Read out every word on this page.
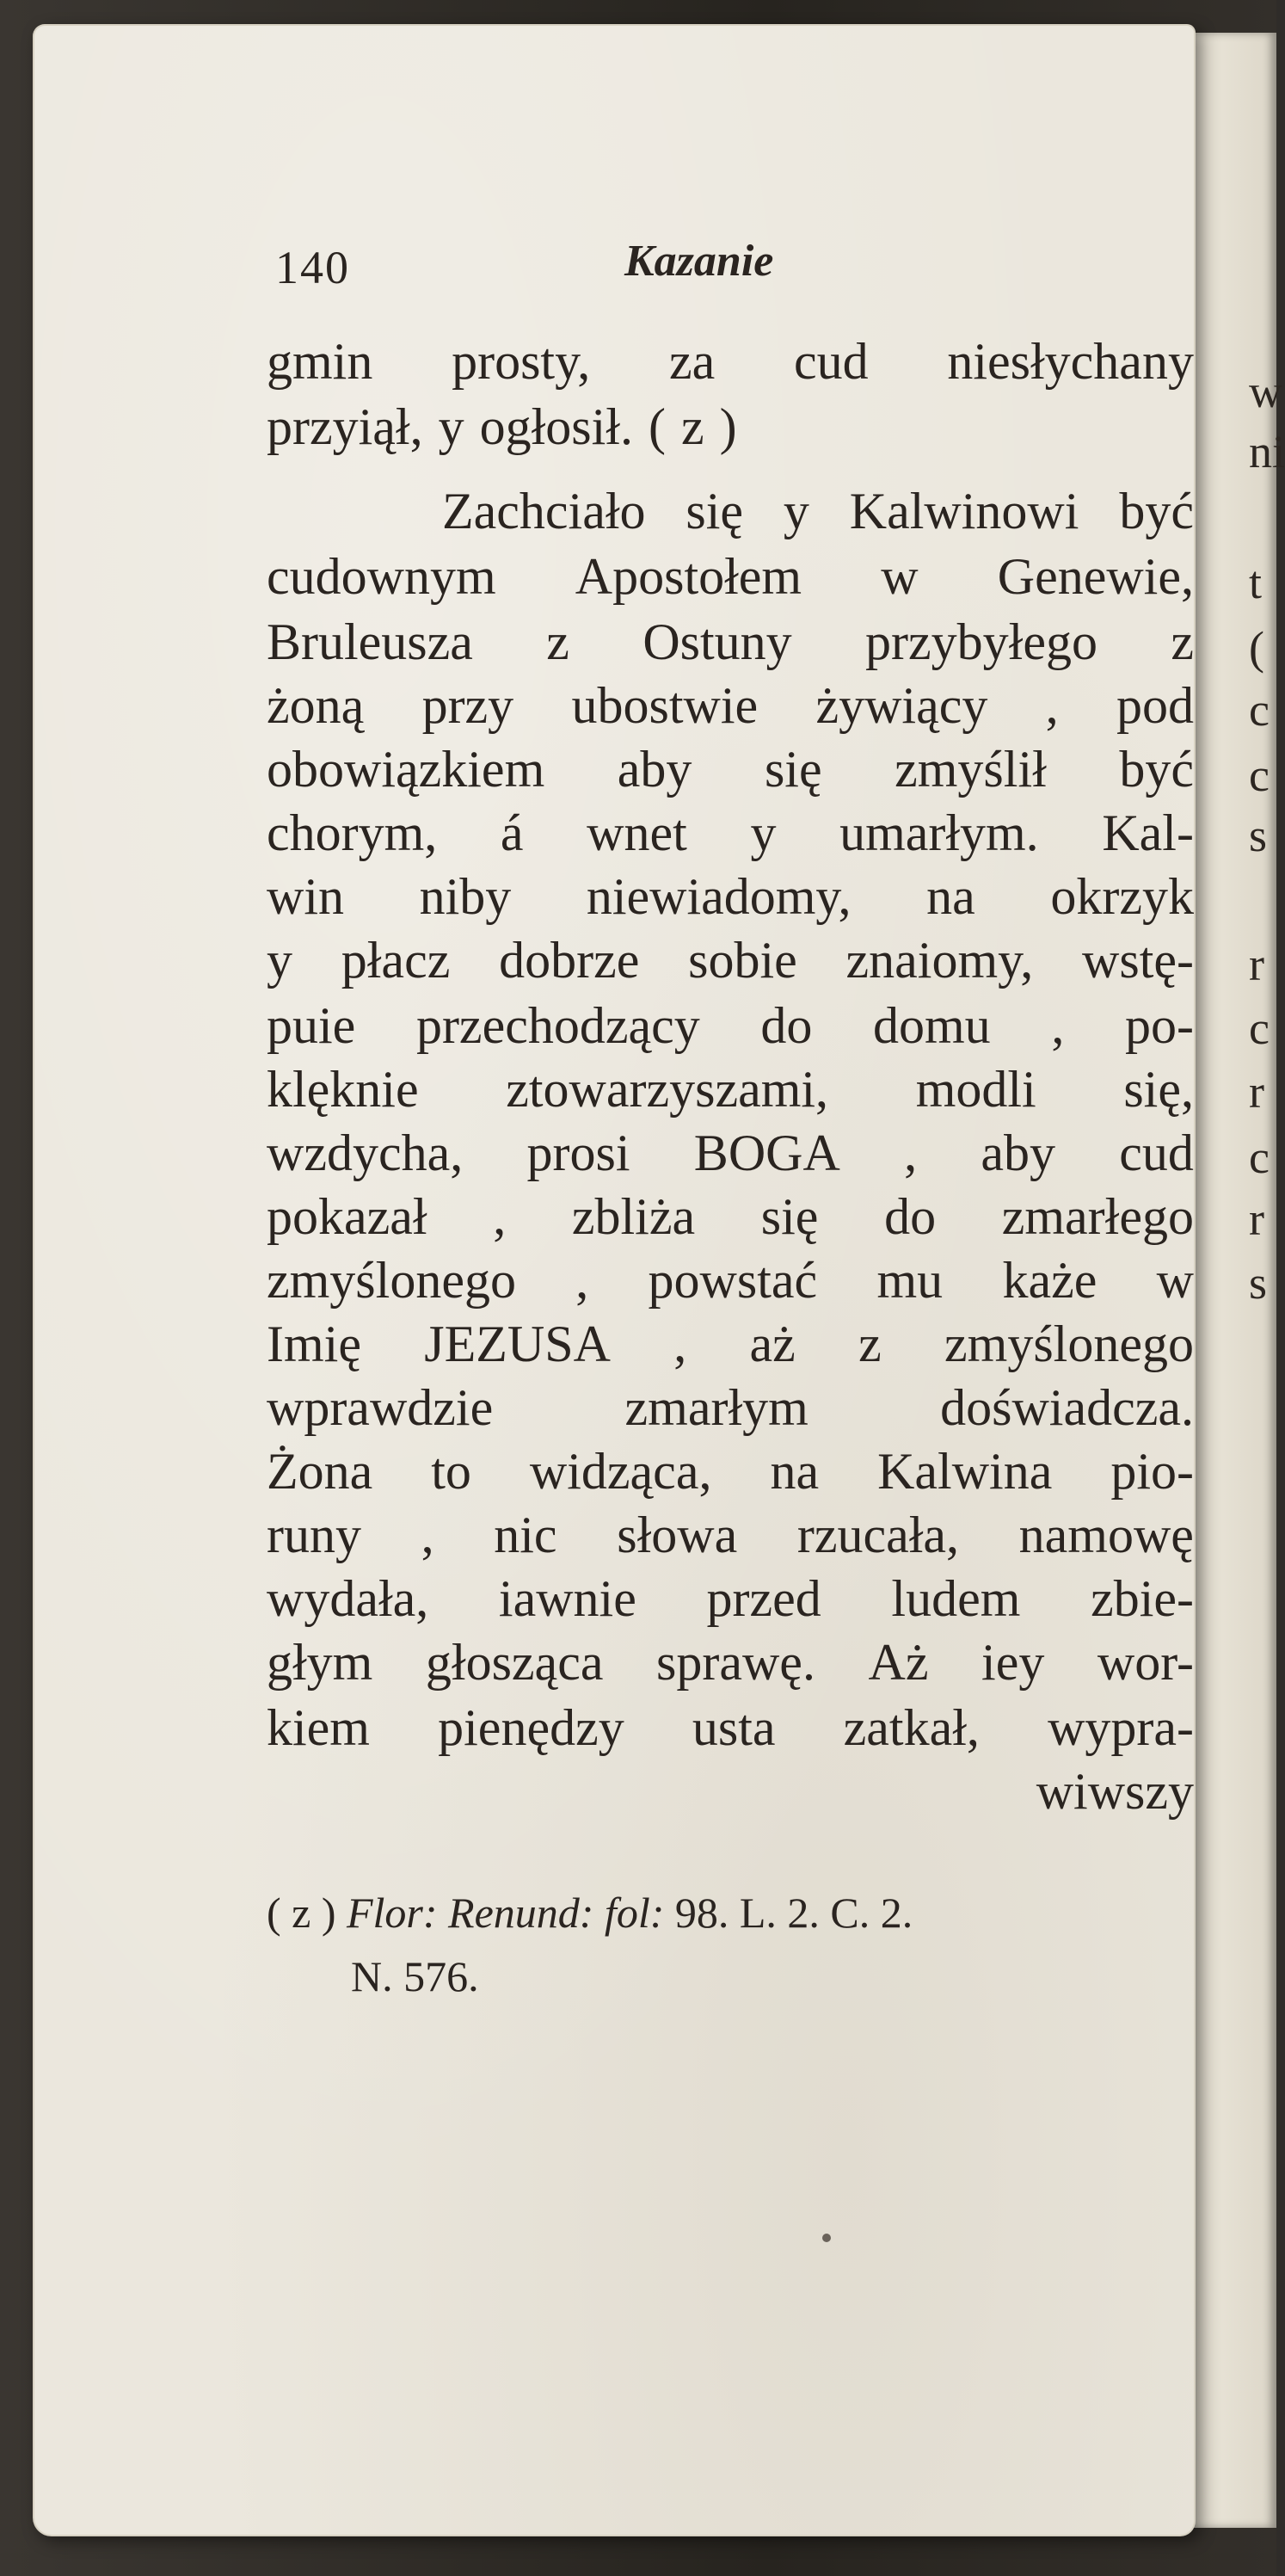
w
ni
t
(
c
c
s
r
c
r
c
r
s
140	Kazanie
gmin prosty, za cud niesłychany
przyiął, y ogłosił. ( z )
Zachciało się y Kalwinowi być
cudownym Apostołem w Genewie,
Bruleusza z Ostuny przybyłego z
żoną przy ubostwie żywiący , pod
obowiązkiem aby się zmyślił być
chorym, á wnet y umarłym. Kal-
win niby niewiadomy, na okrzyk
y płacz dobrze sobie znaiomy, wstę-
puie przechodzący do domu , po-
klęknie ztowarzyszami, modli się,
wzdycha, prosi BOGA , aby cud
pokazał , zbliża się do zmarłego
zmyślonego , powstać mu każe w
Imię JEZUSA , aż z zmyślonego
wprawdzie	zmarłym	doświadcza.
Żona to widząca, na Kalwina pio-
runy , nic słowa rzucała, namowę
wydała, iawnie przed ludem zbie-
głym głosząca sprawę. Aż iey wor-
kiem pienędzy usta zatkał, wypra-
wiwszy
( z ) Flor: Renund: fol: 98. L. 2. C. 2.
N. 576.
